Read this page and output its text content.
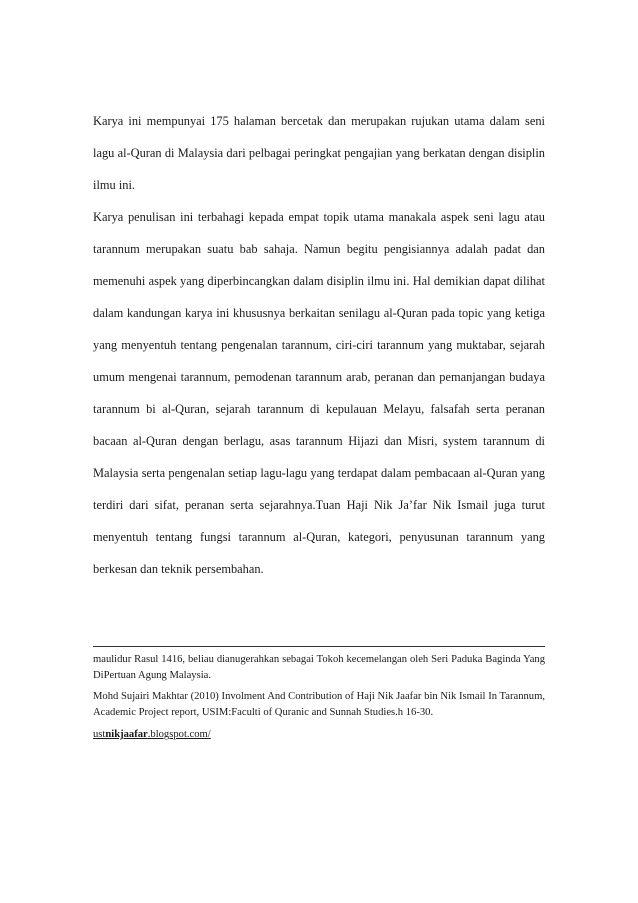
Karya ini mempunyai 175 halaman bercetak dan merupakan rujukan utama dalam seni lagu al-Quran di Malaysia dari pelbagai peringkat pengajian yang berkatan dengan disiplin ilmu ini.

Karya penulisan ini terbahagi kepada empat topik utama manakala aspek seni lagu atau tarannum merupakan suatu bab sahaja. Namun begitu pengisiannya adalah padat dan memenuhi aspek yang diperbincangkan dalam disiplin ilmu ini. Hal demikian dapat dilihat dalam kandungan karya ini khususnya berkaitan senilagu al-Quran pada topic yang ketiga yang menyentuh tentang pengenalan tarannum, ciri-ciri tarannum yang muktabar, sejarah umum mengenai tarannum, pemodenan tarannum arab, peranan dan pemanjangan budaya tarannum bi al-Quran, sejarah tarannum di kepulauan Melayu, falsafah serta peranan bacaan al-Quran dengan berlagu, asas tarannum Hijazi dan Misri, system tarannum di Malaysia serta pengenalan setiap lagu-lagu yang terdapat dalam pembacaan al-Quran yang terdiri dari sifat, peranan serta sejarahnya.Tuan Haji Nik Ja’far Nik Ismail juga turut menyentuh tentang fungsi tarannum al-Quran, kategori, penyusunan tarannum yang berkesan dan teknik persembahan.

maulidur Rasul 1416, beliau dianugerahkan sebagai Tokoh kecemelangan oleh Seri Paduka Baginda Yang DiPertuan Agung Malaysia.

Mohd Sujairi Makhtar (2010) Involment And Contribution of Haji Nik Jaafar bin Nik Ismail In Tarannum, Academic Project report, USIM:Faculti of Quranic and Sunnah Studies.h 16-30.

ustnikjaafar.blogspot.com/
